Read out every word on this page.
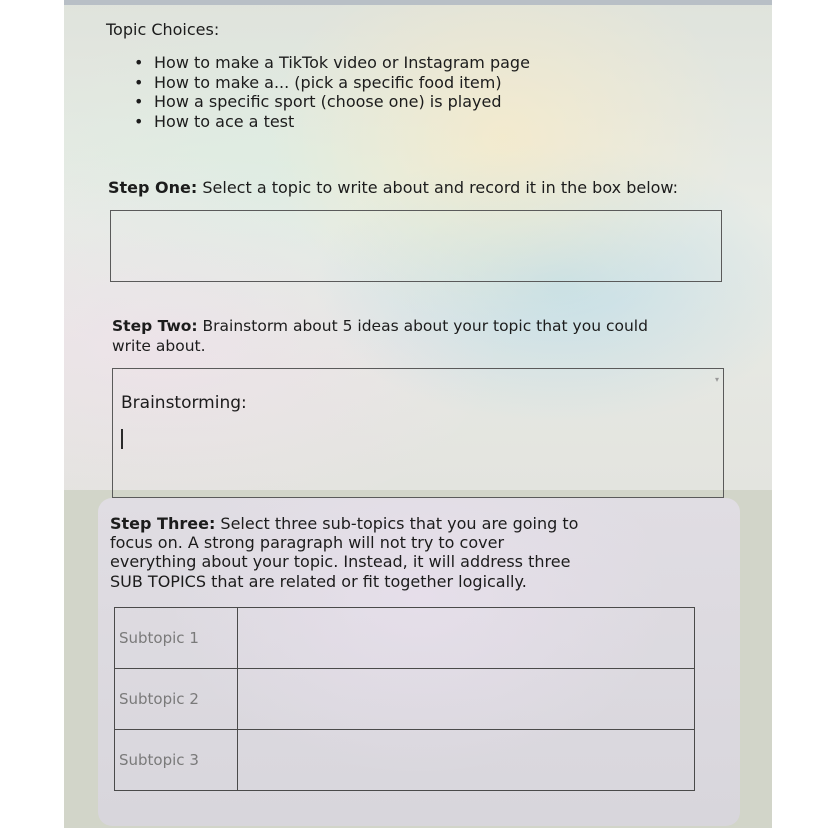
Topic Choices:
• How to make a TikTok video or Instagram page
• How to make a... (pick a specific food item)
• How a specific sport (choose one) is played
• How to ace a test
Step One: Select a topic to write about and record it in the box below:
Step Two: Brainstorm about 5 ideas about your topic that you could
write about.
Brainstorming:
▾
Step Three: Select three sub-topics that you are going to
focus on. A strong paragraph will not try to cover
everything about your topic. Instead, it will address three
SUB TOPICS that are related or fit together logically.
Subtopic 1	
Subtopic 2	
Subtopic 3	
